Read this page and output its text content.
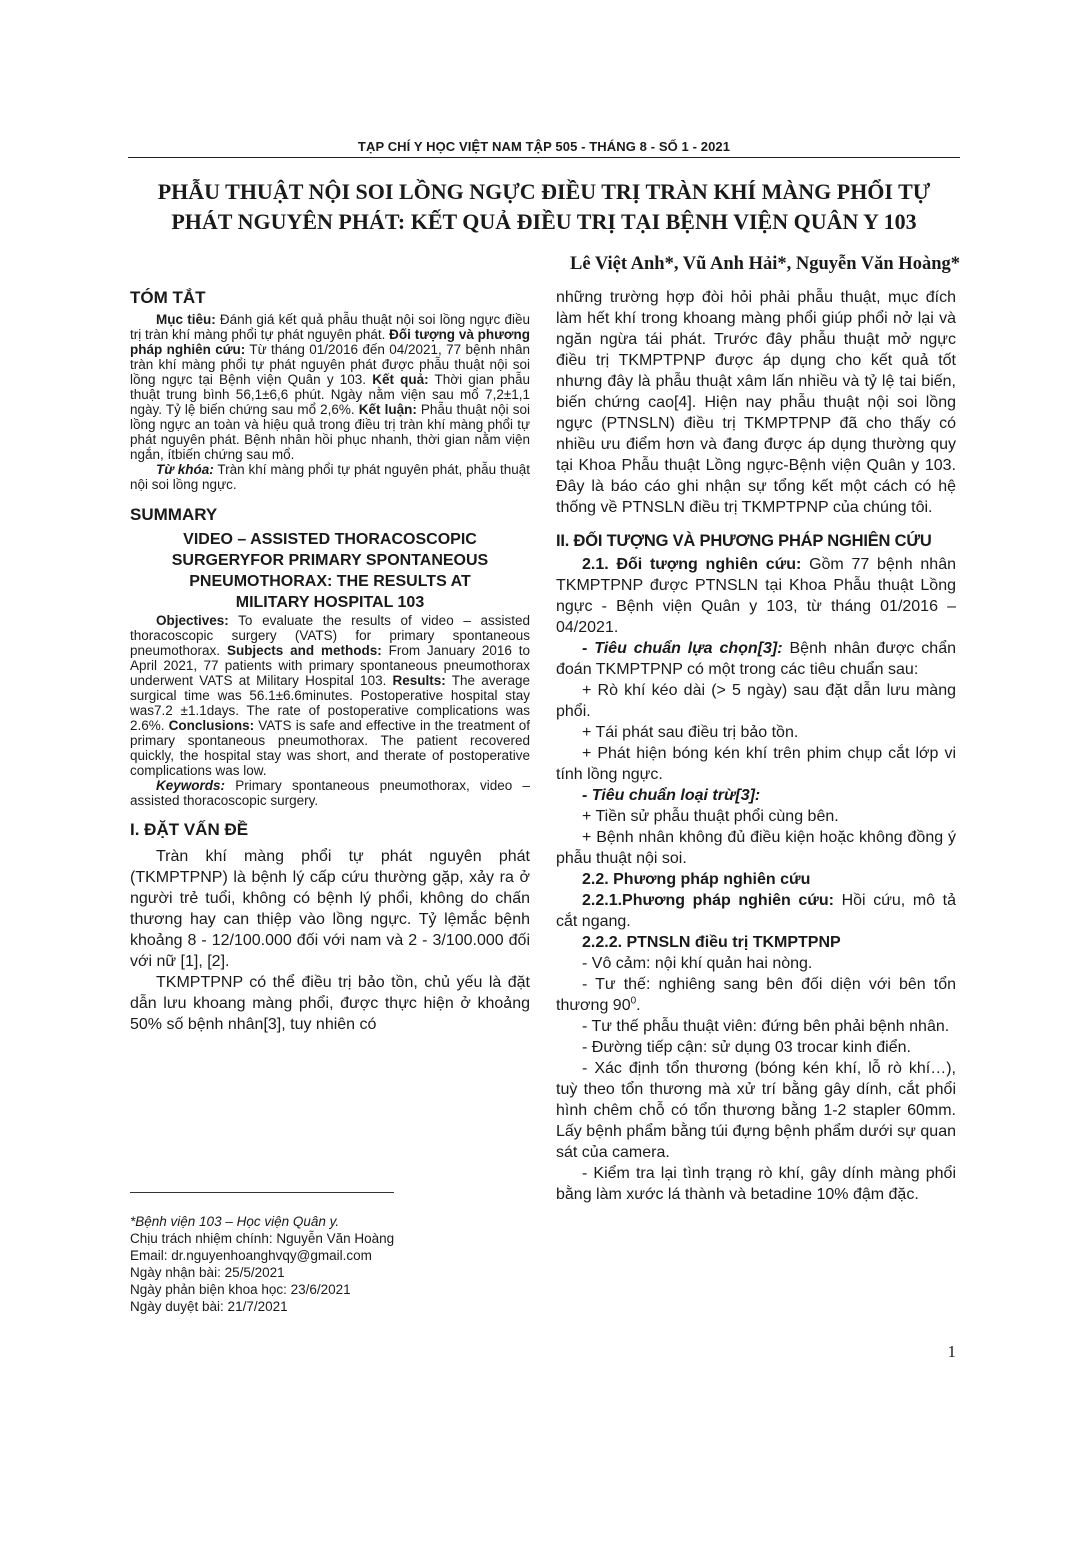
TẠP CHÍ Y HỌC VIỆT NAM TẬP 505 - THÁNG 8 - SỐ 1 - 2021
PHẪU THUẬT NỘI SOI LỒNG NGỰC ĐIỀU TRỊ TRÀN KHÍ MÀNG PHỔI TỰ
PHÁT NGUYÊN PHÁT: KẾT QUẢ ĐIỀU TRỊ TẠI BỆNH VIỆN QUÂN Y 103
Lê Việt Anh*, Vũ Anh Hải*, Nguyễn Văn Hoàng*
TÓM TẮT

Mục tiêu: Đánh giá kết quả phẫu thuật nội soi lồng ngực điều trị tràn khí màng phổi tự phát nguyên phát. Đối tượng và phương pháp nghiên cứu: Từ tháng 01/2016 đến 04/2021, 77 bệnh nhân tràn khí màng phổi tự phát nguyên phát được phẫu thuật nội soi lồng ngực tại Bệnh viện Quân y 103. Kết quả: Thời gian phẫu thuật trung bình 56,1±6,6 phút. Ngày nằm viện sau mổ 7,2±1,1 ngày. Tỷ lệ biến chứng sau mổ 2,6%. Kết luận: Phẫu thuật nội soi lồng ngực an toàn và hiệu quả trong điều trị tràn khí màng phổi tự phát nguyên phát. Bệnh nhân hồi phục nhanh, thời gian nằm viện ngắn, ítbiến chứng sau mổ.

Từ khóa: Tràn khí màng phổi tự phát nguyên phát, phẫu thuật nội soi lồng ngực.

SUMMARY

VIDEO – ASSISTED THORACOSCOPIC

SURGERYFOR PRIMARY SPONTANEOUS

PNEUMOTHORAX: THE RESULTS AT

MILITARY HOSPITAL 103

Objectives: To evaluate the results of video – assisted thoracoscopic surgery (VATS) for primary spontaneous pneumothorax. Subjects and methods: From January 2016 to April 2021, 77 patients with primary spontaneous pneumothorax underwent VATS at Military Hospital 103. Results: The average surgical time was 56.1±6.6minutes. Postoperative hospital stay was7.2 ±1.1days. The rate of postoperative complications was 2.6%. Conclusions: VATS is safe and effective in the treatment of primary spontaneous pneumothorax. The patient recovered quickly, the hospital stay was short, and therate of postoperative complications was low.

Keywords: Primary spontaneous pneumothorax, video – assisted thoracoscopic surgery.

I. ĐẶT VẤN ĐỀ

Tràn khí màng phổi tự phát nguyên phát (TKMPTPNP) là bệnh lý cấp cứu thường gặp, xảy ra ở người trẻ tuổi, không có bệnh lý phổi, không do chấn thương hay can thiệp vào lồng ngực. Tỷ lệmắc bệnh khoảng 8 - 12/100.000 đối với nam và 2 - 3/100.000 đối với nữ [1], [2].

TKMPTPNP có thể điều trị bảo tồn, chủ yếu là đặt dẫn lưu khoang màng phổi, được thực hiện ở khoảng 50% số bệnh nhân[3], tuy nhiên có

*Bệnh viện 103 – Học viện Quân y.
Chịu trách nhiệm chính: Nguyễn Văn Hoàng
Email: dr.nguyenhoanghvqy@gmail.com
Ngày nhận bài: 25/5/2021
Ngày phản biện khoa học: 23/6/2021
Ngày duyệt bài: 21/7/2021

những trường hợp đòi hỏi phải phẫu thuật, mục đích làm hết khí trong khoang màng phổi giúp phổi nở lại và ngăn ngừa tái phát. Trước đây phẫu thuật mở ngực điều trị TKMPTPNP được áp dụng cho kết quả tốt nhưng đây là phẫu thuật xâm lấn nhiều và tỷ lệ tai biến, biến chứng cao[4]. Hiện nay phẫu thuật nội soi lồng ngực (PTNSLN) điều trị TKMPTPNP đã cho thấy có nhiều ưu điểm hơn và đang được áp dụng thường quy tại Khoa Phẫu thuật Lồng ngực-Bệnh viện Quân y 103. Đây là báo cáo ghi nhận sự tổng kết một cách có hệ thống về PTNSLN điều trị TKMPTPNP của chúng tôi.

II. ĐỐI TƯỢNG VÀ PHƯƠNG PHÁP NGHIÊN CỨU

2.1. Đối tượng nghiên cứu: Gồm 77 bệnh nhân TKMPTPNP được PTNSLN tại Khoa Phẫu thuật Lồng ngực - Bệnh viện Quân y 103, từ tháng 01/2016 – 04/2021.

- Tiêu chuẩn lựa chọn[3]: Bệnh nhân được chẩn đoán TKMPTPNP có một trong các tiêu chuẩn sau:

+ Rò khí kéo dài (> 5 ngày) sau đặt dẫn lưu màng phổi.

+ Tái phát sau điều trị bảo tồn.

+ Phát hiện bóng kén khí trên phim chụp cắt lớp vi tính lồng ngực.

- Tiêu chuẩn loại trừ[3]:

+ Tiền sử phẫu thuật phổi cùng bên.

+ Bệnh nhân không đủ điều kiện hoặc không đồng ý phẫu thuật nội soi.

2.2. Phương pháp nghiên cứu

2.2.1.Phương pháp nghiên cứu: Hồi cứu, mô tả cắt ngang.

2.2.2. PTNSLN điều trị TKMPTPNP

- Vô cảm: nội khí quản hai nòng.

- Tư thế: nghiêng sang bên đối diện với bên tổn thương $90^0$.

- Tư thế phẫu thuật viên: đứng bên phải bệnh nhân.

- Đường tiếp cận: sử dụng 03 trocar kinh điển.

- Xác định tổn thương (bóng kén khí, lỗ rò khí…), tuỳ theo tổn thương mà xử trí bằng gây dính, cắt phổi hình chêm chỗ có tổn thương bằng 1-2 stapler 60mm. Lấy bệnh phẩm bằng túi đựng bệnh phẩm dưới sự quan sát của camera.

- Kiểm tra lại tình trạng rò khí, gây dính màng phổi bằng làm xước lá thành và betadine 10% đậm đặc.

1
